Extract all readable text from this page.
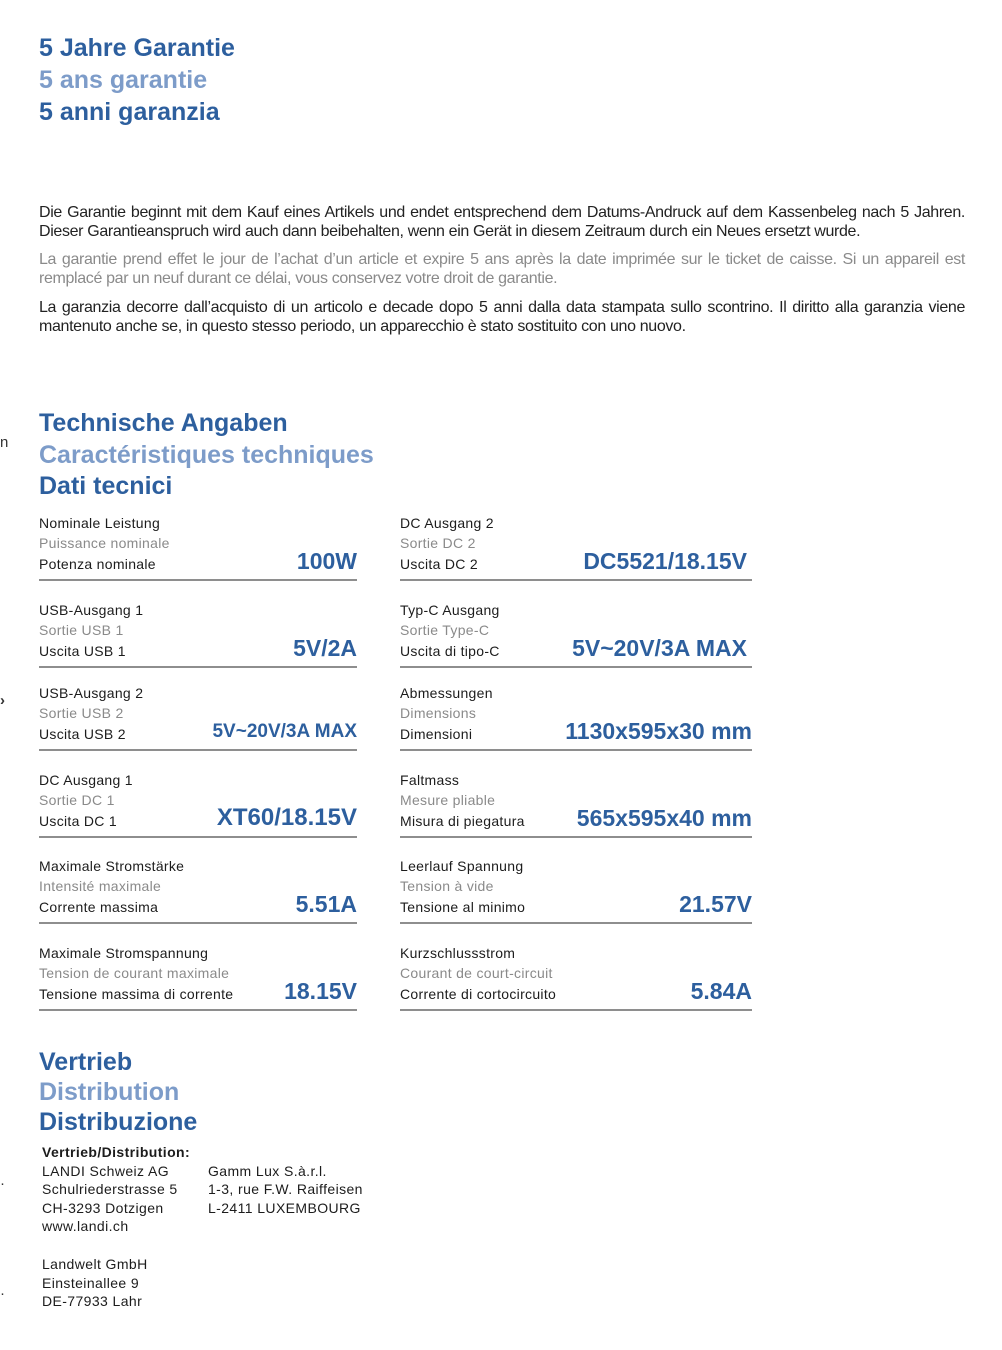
5 Jahre Garantie
5 ans garantie
5 anni garanzia

Die Garantie beginnt mit dem Kauf eines Artikels und endet entsprechend dem Datums-Andruck auf dem Kassenbeleg nach 5 Jahren. Dieser Garantieanspruch wird auch dann beibehalten, wenn ein Gerät in diesem Zeitraum durch ein Neues ersetzt wurde.

La garantie prend effet le jour de l’achat d’un article et expire 5 ans après la date imprimée sur le ticket de caisse. Si un appareil est remplacé par un neuf durant ce délai, vous conservez votre droit de garantie.

La garanzia decorre dall’acquisto di un articolo e decade dopo 5 anni dalla data stampata sullo scontrino. Il diritto alla garanzia viene mantenuto anche se, in questo stesso periodo, un apparecchio è stato sostituito con uno nuovo.

n
›
·
·
Technische Angaben
Caractéristiques techniques
Dati tecnici
Nominale Leistung
Puissance nominale
Potenza nominale	100W
USB-Ausgang 1
Sortie USB 1
Uscita USB 1	5V/2A
USB-Ausgang 2
Sortie USB 2
Uscita USB 2	5V~20V/3A MAX
DC Ausgang 1
Sortie DC 1
Uscita DC 1	XT60/18.15V
Maximale Stromstärke
Intensité maximale
Corrente massima	5.51A
Maximale Stromspannung
Tension de courant maximale
Tensione massima di corrente 18.15V
DC Ausgang 2
Sortie DC 2
Uscita DC 2	DC5521/18.15V
Typ-C Ausgang
Sortie Type-C
Uscita di tipo-C	5V~20V/3A MAX
Abmessungen
Dimensions
Dimensioni	1130x595x30 mm
Faltmass
Mesure pliable
Misura di piegatura 565x595x40 mm
Leerlauf Spannung
Tension à vide
Tensione al minimo	21.57V
Kurzschlussstrom
Courant de court-circuit
Corrente di cortocircuito	5.84A
Vertrieb
Distribution
Distribuzione
Vertrieb/Distribution:
LANDI Schweiz AG
Schulriederstrasse 5
CH-3293 Dotzigen
www.landi.ch
Gamm Lux S.à.r.l.
1-3, rue F.W. Raiffeisen
L-2411 LUXEMBOURG
Landwelt GmbH
Einsteinallee 9
DE-77933 Lahr
